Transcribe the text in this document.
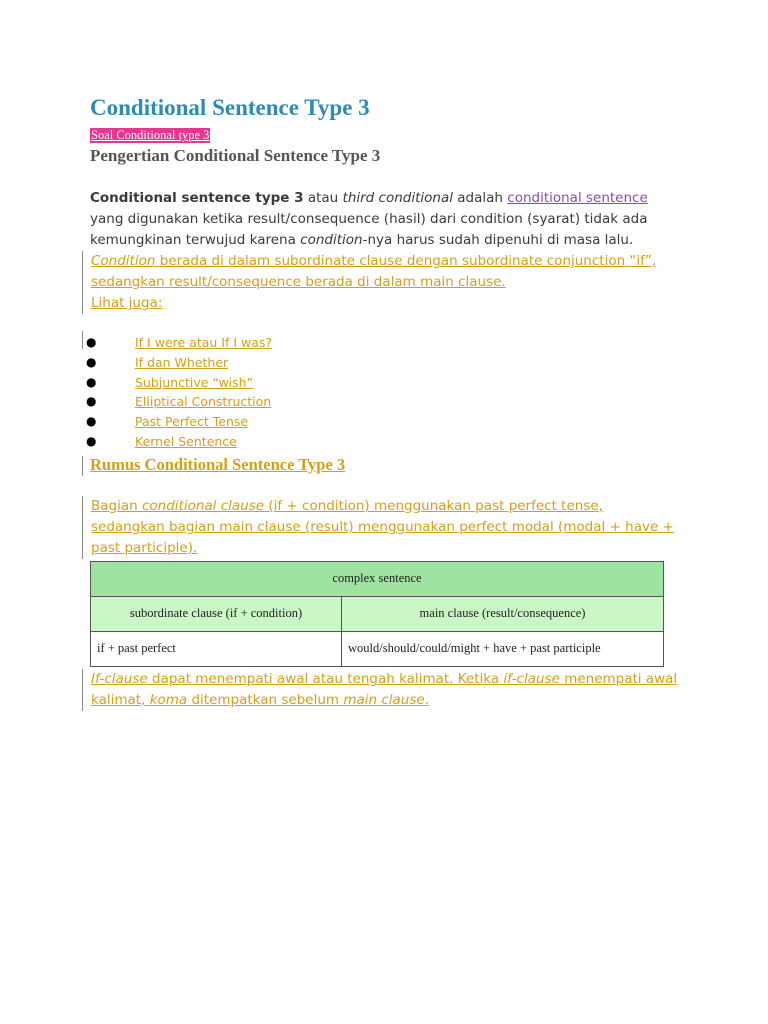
Conditional Sentence Type 3
Soal Conditional type 3
Pengertian Conditional Sentence Type 3

Conditional sentence type 3 atau third conditional adalah conditional sentence yang digunakan ketika result/consequence (hasil) dari condition (syarat) tidak ada kemungkinan terwujud karena condition-nya harus sudah dipenuhi di masa lalu.

Condition berada di dalam subordinate clause dengan subordinate conjunction “if”, sedangkan result/consequence berada di dalam main clause.
Lihat juga:
●	If I were atau If I was?
●	If dan Whether
●	Subjunctive “wish”
●	Elliptical Construction
●	Past Perfect Tense
●	Kernel Sentence
Rumus Conditional Sentence Type 3
Bagian conditional clause (if + condition) menggunakan past perfect tense, sedangkan bagian main clause (result) menggunakan perfect modal (modal + have + past participle).
complex sentence	
subordinate clause (if + condition)	main clause (result/consequence)
if + past perfect	would/should/could/might + have + past participle
If-clause dapat menempati awal atau tengah kalimat. Ketika if-clause menempati awal kalimat, koma ditempatkan sebelum main clause.
